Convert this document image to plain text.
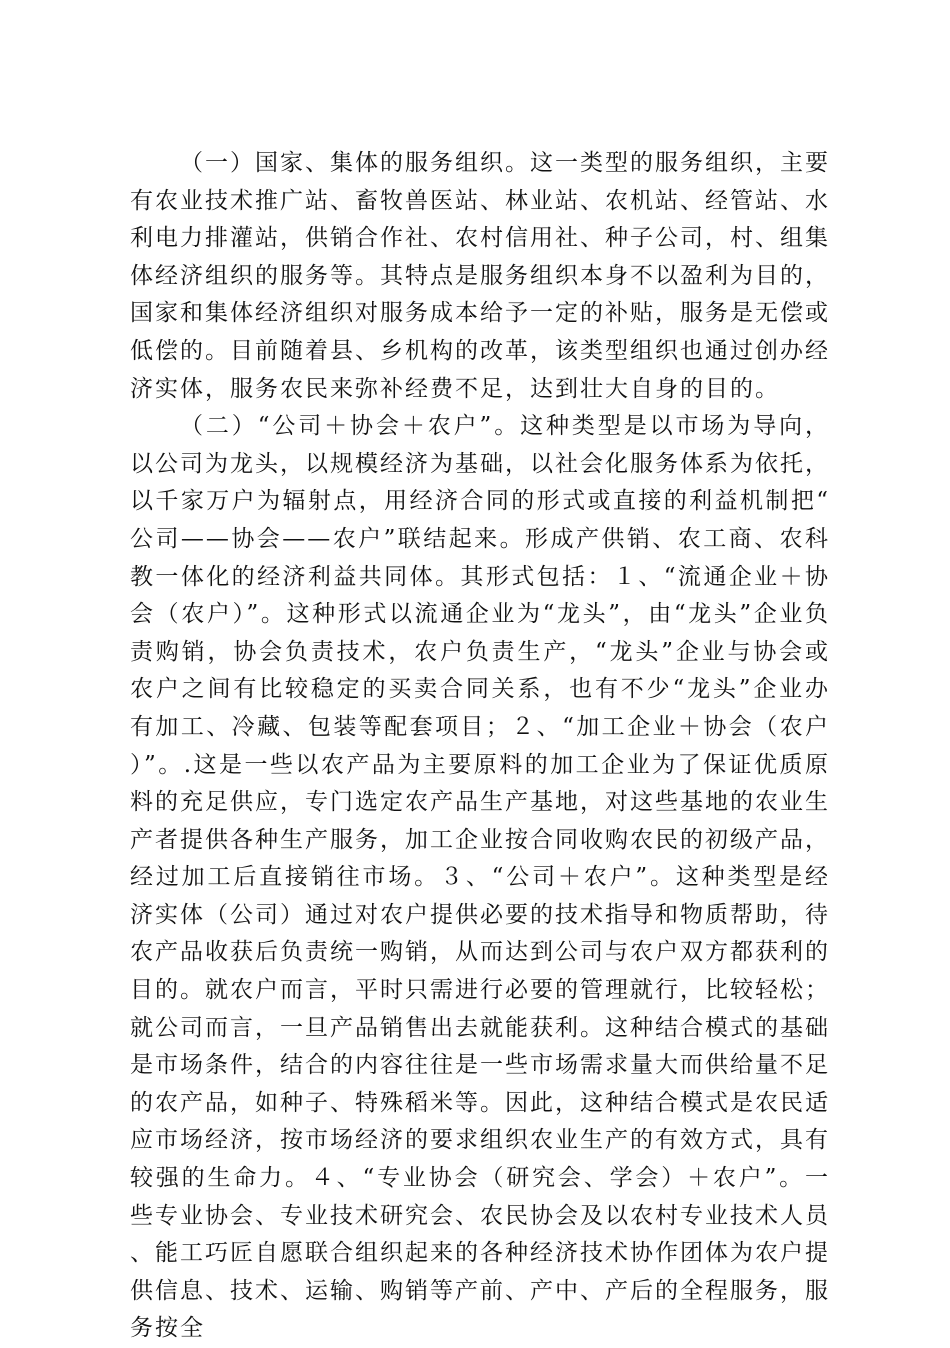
（一）国家、集体的服务组织。这一类型的服务组织，主要有农业技术推广站、畜牧兽医站、林业站、农机站、经管站、水利电力排灌站，供销合作社、农村信用社、种子公司，村、组集体经济组织的服务等。其特点是服务组织本身不以盈利为目的，国家和集体经济组织对服务成本给予一定的补贴，服务是无偿或低偿的。目前随着县、乡机构的改革，该类型组织也通过创办经济实体，服务农民来弥补经费不足，达到壮大自身的目的。

（二）“公司＋协会＋农户”。这种类型是以市场为导向，以公司为龙头，以规模经济为基础，以社会化服务体系为依托，以千家万户为辐射点，用经济合同的形式或直接的利益机制把“公司——协会——农户”联结起来。形成产供销、农工商、农科教一体化的经济利益共同体。其形式包括：１、“流通企业＋协会（农户）”。这种形式以流通企业为“龙头”，由“龙头”企业负责购销，协会负责技术，农户负责生产，“龙头”企业与协会或农户之间有比较稳定的买卖合同关系，也有不少“龙头”企业办有加工、冷藏、包装等配套项目；２、“加工企业＋协会（农户）”。.这是一些以农产品为主要原料的加工企业为了保证优质原料的充足供应，专门选定农产品生产基地，对这些基地的农业生产者提供各种生产服务，加工企业按合同收购农民的初级产品，经过加工后直接销往市场。３、“公司＋农户”。这种类型是经济实体（公司）通过对农户提供必要的技术指导和物质帮助，待农产品收获后负责统一购销，从而达到公司与农户双方都获利的目的。就农户而言，平时只需进行必要的管理就行，比较轻松；就公司而言，一旦产品销售出去就能获利。这种结合模式的基础是市场条件，结合的内容往往是一些市场需求量大而供给量不足的农产品，如种子、特殊稻米等。因此，这种结合模式是农民适应市场经济，按市场经济的要求组织农业生产的有效方式，具有较强的生命力。４、“专业协会（研究会、学会）＋农户”。一些专业协会、专业技术研究会、农民协会及以农村专业技术人员、能工巧匠自愿联合组织起来的各种经济技术协作团体为农户提供信息、技术、运输、购销等产前、产中、产后的全程服务，服务按全
